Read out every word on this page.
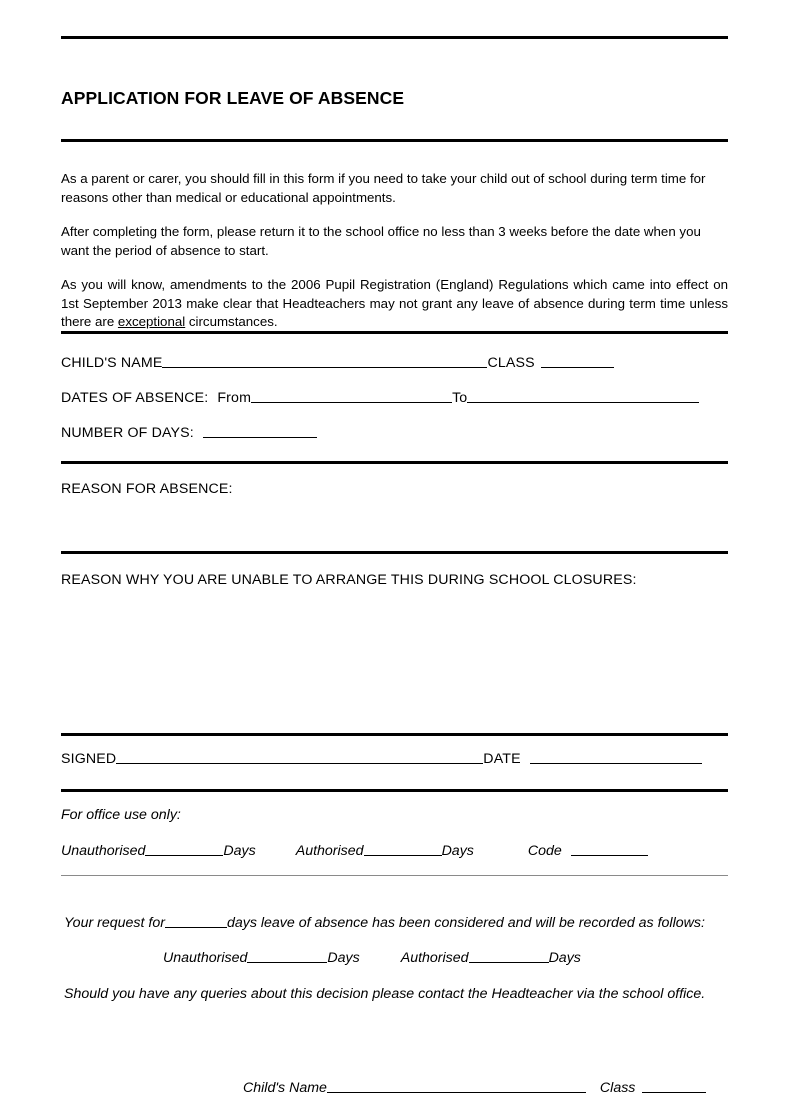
APPLICATION FOR LEAVE OF ABSENCE

As a parent or carer, you should fill in this form if you need to take your child out of school during term time for reasons other than medical or educational appointments.

After completing the form, please return it to the school office no less than 3 weeks before the date when you want the period of absence to start.

As you will know, amendments to the 2006 Pupil Registration (England) Regulations which came into effect on 1st September 2013 make clear that Headteachers may not grant any leave of absence during term time unless there are exceptional circumstances.

CHILD'S NAME	CLASS
DATES OF ABSENCE: From	To
NUMBER OF DAYS:
REASON FOR ABSENCE:
REASON WHY YOU ARE UNABLE TO ARRANGE THIS DURING SCHOOL CLOSURES:
SIGNED	DATE
For office use only:
Unauthorised	Days	Authorised	Days	Code
Your request for	days leave of absence has been considered and will be recorded as follows:
Unauthorised	Days	Authorised	Days
Should you have any queries about this decision please contact the Headteacher via the school office.
Child's Name	Class
